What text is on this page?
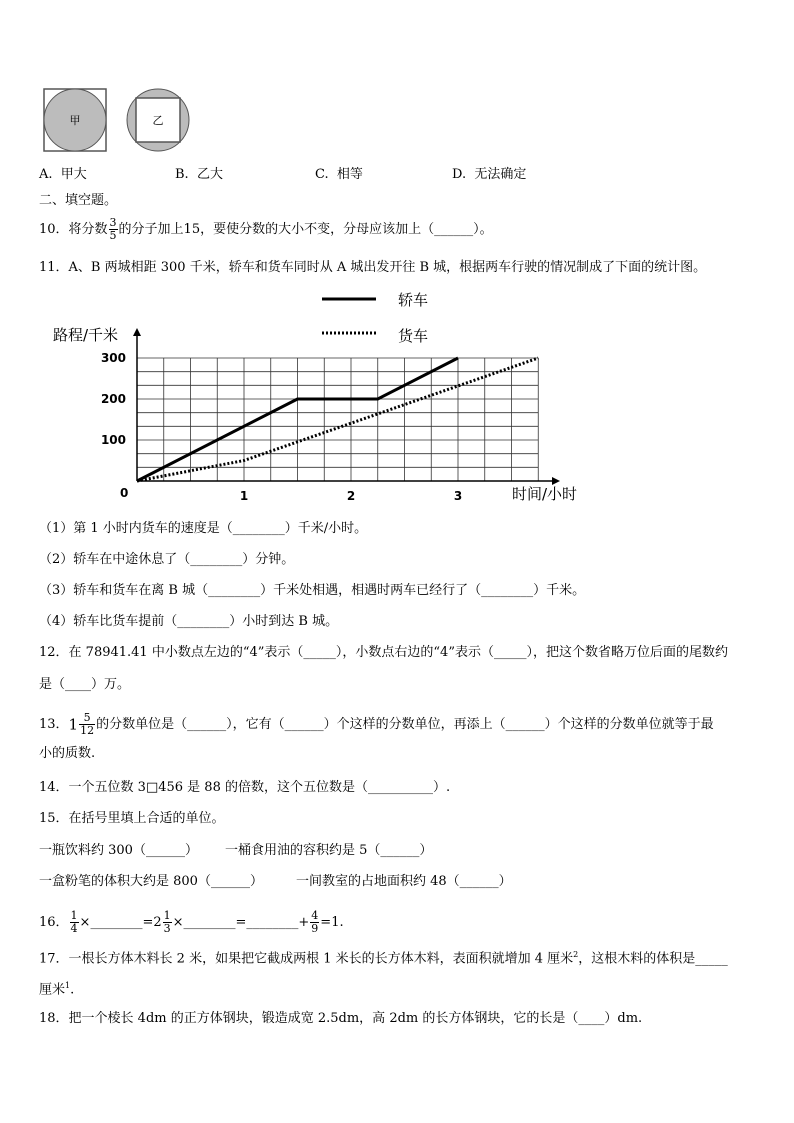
甲	乙
A. 甲大	B. 乙大	C. 相等	D. 无法确定
二、填空题。
10．将分数 $\frac{3}{5}$ 的分子加上15，要使分数的大小不变，分母应该加上（______）。
11．A、B 两城相距 300 千米，轿车和货车同时从 A 城出发开往 B 城，根据两车行驶的情况制成了下面的统计图。
轿车
货车
路程/千米
时间/小时
0	1	2	3
100
200
300
（1）第 1 小时内货车的速度是（________）千米/小时。
（2）轿车在中途休息了（________）分钟。
（3）轿车和货车在离 B 城（________）千米处相遇，相遇时两车已经行了（________）千米。
（4）轿车比货车提前（________）小时到达 B 城。
12．在 78941.41 中小数点左边的“4”表示（_____），小数点右边的“4”表示（_____），把这个数省略万位后面的尾数约
是（____）万。
13．$1 \frac{5}{12}$ 的分数单位是（______），它有（______）个这样的分数单位，再添上（______）个这样的分数单位就等于最
小的质数.
14．一个五位数 3□456 是 88 的倍数，这个五位数是（__________）.
15．在括号里填上合适的单位。
一瓶饮料约 300（______） 一桶食用油的容积约是 5（______）
一盒粉笔的体积大约是 800（______）	一间教室的占地面积约 48（______）
16． $\frac{1}{4}$ ×________=2 $\frac{1}{3}$ ×________=________+ $\frac{4}{9} =1$.
17．一根长方体木料长 2 米，如果把它截成两根 1 米长的长方体木料，表面积就增加 4 厘米$^2$，这根木料的体积是_____
厘米$^1$.
18．把一个棱长 4dm 的正方体钢块，锻造成宽 2.5dm，高 2dm 的长方体钢块，它的长是（____）dm.
